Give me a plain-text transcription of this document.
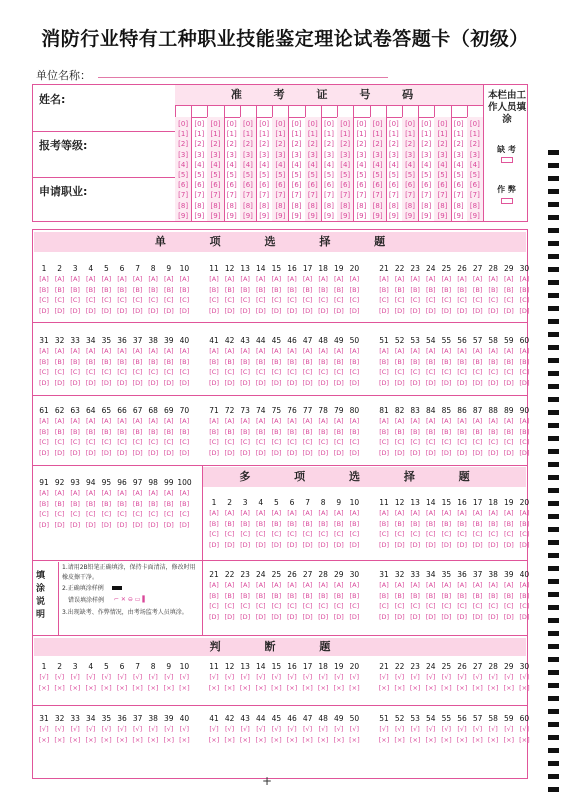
消防行业特有工种职业技能鉴定理论试卷答题卡（初级）
单位名称：
姓名:
报考等级:
申请职业:
准 考 证 号 码
[0]
[1]
[2]
[3]
[4]
[5]
[6]
[7]
[8]
[9]
[0]
[1]
[2]
[3]
[4]
[5]
[6]
[7]
[8]
[9]
[0]
[1]
[2]
[3]
[4]
[5]
[6]
[7]
[8]
[9]
[0]
[1]
[2]
[3]
[4]
[5]
[6]
[7]
[8]
[9]
[0]
[1]
[2]
[3]
[4]
[5]
[6]
[7]
[8]
[9]
[0]
[1]
[2]
[3]
[4]
[5]
[6]
[7]
[8]
[9]
[0]
[1]
[2]
[3]
[4]
[5]
[6]
[7]
[8]
[9]
[0]
[1]
[2]
[3]
[4]
[5]
[6]
[7]
[8]
[9]
[0]
[1]
[2]
[3]
[4]
[5]
[6]
[7]
[8]
[9]
[0]
[1]
[2]
[3]
[4]
[5]
[6]
[7]
[8]
[9]
[0]
[1]
[2]
[3]
[4]
[5]
[6]
[7]
[8]
[9]
[0]
[1]
[2]
[3]
[4]
[5]
[6]
[7]
[8]
[9]
[0]
[1]
[2]
[3]
[4]
[5]
[6]
[7]
[8]
[9]
[0]
[1]
[2]
[3]
[4]
[5]
[6]
[7]
[8]
[9]
[0]
[1]
[2]
[3]
[4]
[5]
[6]
[7]
[8]
[9]
[0]
[1]
[2]
[3]
[4]
[5]
[6]
[7]
[8]
[9]
[0]
[1]
[2]
[3]
[4]
[5]
[6]
[7]
[8]
[9]
[0]
[1]
[2]
[3]
[4]
[5]
[6]
[7]
[8]
[9]
[0]
[1]
[2]
[3]
[4]
[5]
[6]
[7]
[8]
[9]
本栏由工作人员填涂
缺 考
作 弊
单 项 选 择 题
1
[A]
[B]
[C]
[D]
2
[A]
[B]
[C]
[D]
3
[A]
[B]
[C]
[D]
4
[A]
[B]
[C]
[D]
5
[A]
[B]
[C]
[D]
6
[A]
[B]
[C]
[D]
7
[A]
[B]
[C]
[D]
8
[A]
[B]
[C]
[D]
9
[A]
[B]
[C]
[D]
10
[A]
[B]
[C]
[D]
11
[A]
[B]
[C]
[D]
12
[A]
[B]
[C]
[D]
13
[A]
[B]
[C]
[D]
14
[A]
[B]
[C]
[D]
15
[A]
[B]
[C]
[D]
16
[A]
[B]
[C]
[D]
17
[A]
[B]
[C]
[D]
18
[A]
[B]
[C]
[D]
19
[A]
[B]
[C]
[D]
20
[A]
[B]
[C]
[D]
21
[A]
[B]
[C]
[D]
22
[A]
[B]
[C]
[D]
23
[A]
[B]
[C]
[D]
24
[A]
[B]
[C]
[D]
25
[A]
[B]
[C]
[D]
26
[A]
[B]
[C]
[D]
27
[A]
[B]
[C]
[D]
28
[A]
[B]
[C]
[D]
29
[A]
[B]
[C]
[D]
30
[A]
[B]
[C]
[D]
31
[A]
[B]
[C]
[D]
32
[A]
[B]
[C]
[D]
33
[A]
[B]
[C]
[D]
34
[A]
[B]
[C]
[D]
35
[A]
[B]
[C]
[D]
36
[A]
[B]
[C]
[D]
37
[A]
[B]
[C]
[D]
38
[A]
[B]
[C]
[D]
39
[A]
[B]
[C]
[D]
40
[A]
[B]
[C]
[D]
41
[A]
[B]
[C]
[D]
42
[A]
[B]
[C]
[D]
43
[A]
[B]
[C]
[D]
44
[A]
[B]
[C]
[D]
45
[A]
[B]
[C]
[D]
46
[A]
[B]
[C]
[D]
47
[A]
[B]
[C]
[D]
48
[A]
[B]
[C]
[D]
49
[A]
[B]
[C]
[D]
50
[A]
[B]
[C]
[D]
51
[A]
[B]
[C]
[D]
52
[A]
[B]
[C]
[D]
53
[A]
[B]
[C]
[D]
54
[A]
[B]
[C]
[D]
55
[A]
[B]
[C]
[D]
56
[A]
[B]
[C]
[D]
57
[A]
[B]
[C]
[D]
58
[A]
[B]
[C]
[D]
59
[A]
[B]
[C]
[D]
60
[A]
[B]
[C]
[D]
61
[A]
[B]
[C]
[D]
62
[A]
[B]
[C]
[D]
63
[A]
[B]
[C]
[D]
64
[A]
[B]
[C]
[D]
65
[A]
[B]
[C]
[D]
66
[A]
[B]
[C]
[D]
67
[A]
[B]
[C]
[D]
68
[A]
[B]
[C]
[D]
69
[A]
[B]
[C]
[D]
70
[A]
[B]
[C]
[D]
71
[A]
[B]
[C]
[D]
72
[A]
[B]
[C]
[D]
73
[A]
[B]
[C]
[D]
74
[A]
[B]
[C]
[D]
75
[A]
[B]
[C]
[D]
76
[A]
[B]
[C]
[D]
77
[A]
[B]
[C]
[D]
78
[A]
[B]
[C]
[D]
79
[A]
[B]
[C]
[D]
80
[A]
[B]
[C]
[D]
81
[A]
[B]
[C]
[D]
82
[A]
[B]
[C]
[D]
83
[A]
[B]
[C]
[D]
84
[A]
[B]
[C]
[D]
85
[A]
[B]
[C]
[D]
86
[A]
[B]
[C]
[D]
87
[A]
[B]
[C]
[D]
88
[A]
[B]
[C]
[D]
89
[A]
[B]
[C]
[D]
90
[A]
[B]
[C]
[D]
91
[A]
[B]
[C]
[D]
92
[A]
[B]
[C]
[D]
93
[A]
[B]
[C]
[D]
94
[A]
[B]
[C]
[D]
95
[A]
[B]
[C]
[D]
96
[A]
[B]
[C]
[D]
97
[A]
[B]
[C]
[D]
98
[A]
[B]
[C]
[D]
99
[A]
[B]
[C]
[D]
100
[A]
[B]
[C]
[D]
多 项 选 择 题
1
[A]
[B]
[C]
[D]
2
[A]
[B]
[C]
[D]
3
[A]
[B]
[C]
[D]
4
[A]
[B]
[C]
[D]
5
[A]
[B]
[C]
[D]
6
[A]
[B]
[C]
[D]
7
[A]
[B]
[C]
[D]
8
[A]
[B]
[C]
[D]
9
[A]
[B]
[C]
[D]
10
[A]
[B]
[C]
[D]
11
[A]
[B]
[C]
[D]
12
[A]
[B]
[C]
[D]
13
[A]
[B]
[C]
[D]
14
[A]
[B]
[C]
[D]
15
[A]
[B]
[C]
[D]
16
[A]
[B]
[C]
[D]
17
[A]
[B]
[C]
[D]
18
[A]
[B]
[C]
[D]
19
[A]
[B]
[C]
[D]
20
[A]
[B]
[C]
[D]
21
[A]
[B]
[C]
[D]
22
[A]
[B]
[C]
[D]
23
[A]
[B]
[C]
[D]
24
[A]
[B]
[C]
[D]
25
[A]
[B]
[C]
[D]
26
[A]
[B]
[C]
[D]
27
[A]
[B]
[C]
[D]
28
[A]
[B]
[C]
[D]
29
[A]
[B]
[C]
[D]
30
[A]
[B]
[C]
[D]
31
[A]
[B]
[C]
[D]
32
[A]
[B]
[C]
[D]
33
[A]
[B]
[C]
[D]
34
[A]
[B]
[C]
[D]
35
[A]
[B]
[C]
[D]
36
[A]
[B]
[C]
[D]
37
[A]
[B]
[C]
[D]
38
[A]
[B]
[C]
[D]
39
[A]
[B]
[C]
[D]
40
[A]
[B]
[C]
[D]
填涂说明
1.请用2B铅笔正确填涂，保持卡面清洁，修改时用橡皮擦干净。
2.正确填涂样例
错误填涂样例	⌐ ✕ ⊖ ▭ ▌
3.出现缺考、作弊情况，由考场监考人员填涂。
判 断 题
1
[√]
[×]
2
[√]
[×]
3
[√]
[×]
4
[√]
[×]
5
[√]
[×]
6
[√]
[×]
7
[√]
[×]
8
[√]
[×]
9
[√]
[×]
10
[√]
[×]
11
[√]
[×]
12
[√]
[×]
13
[√]
[×]
14
[√]
[×]
15
[√]
[×]
16
[√]
[×]
17
[√]
[×]
18
[√]
[×]
19
[√]
[×]
20
[√]
[×]
21
[√]
[×]
22
[√]
[×]
23
[√]
[×]
24
[√]
[×]
25
[√]
[×]
26
[√]
[×]
27
[√]
[×]
28
[√]
[×]
29
[√]
[×]
30
[√]
[×]
31
[√]
[×]
32
[√]
[×]
33
[√]
[×]
34
[√]
[×]
35
[√]
[×]
36
[√]
[×]
37
[√]
[×]
38
[√]
[×]
39
[√]
[×]
40
[√]
[×]
41
[√]
[×]
42
[√]
[×]
43
[√]
[×]
44
[√]
[×]
45
[√]
[×]
46
[√]
[×]
47
[√]
[×]
48
[√]
[×]
49
[√]
[×]
50
[√]
[×]
51
[√]
[×]
52
[√]
[×]
53
[√]
[×]
54
[√]
[×]
55
[√]
[×]
56
[√]
[×]
57
[√]
[×]
58
[√]
[×]
59
[√]
[×]
60
[√]
[×]
+
